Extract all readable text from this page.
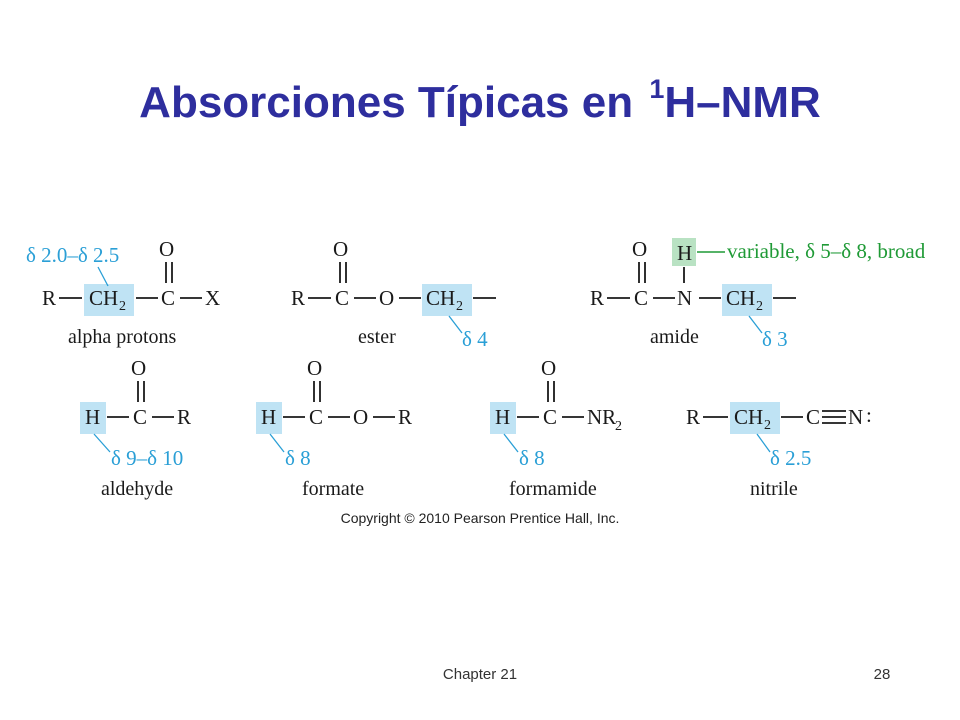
Absorciones Típicas en $^1$H–NMR
δ 2.0–δ 2.5
R CH 2 C
O
X
alpha protons
R C
O
O CH 2
δ 4
ester
R C
O
N
H variable, δ 5–δ 8, broad
CH 2
δ 3
amide
H C
O
R
δ 9–δ 10
aldehyde
H C
O
O R
δ 8
formate
H C
O
NR
2
δ 8
formamide
R CH 2 C N :
δ 2.5
nitrile
Copyright © 2010 Pearson Prentice Hall, Inc.
Chapter 21	28
